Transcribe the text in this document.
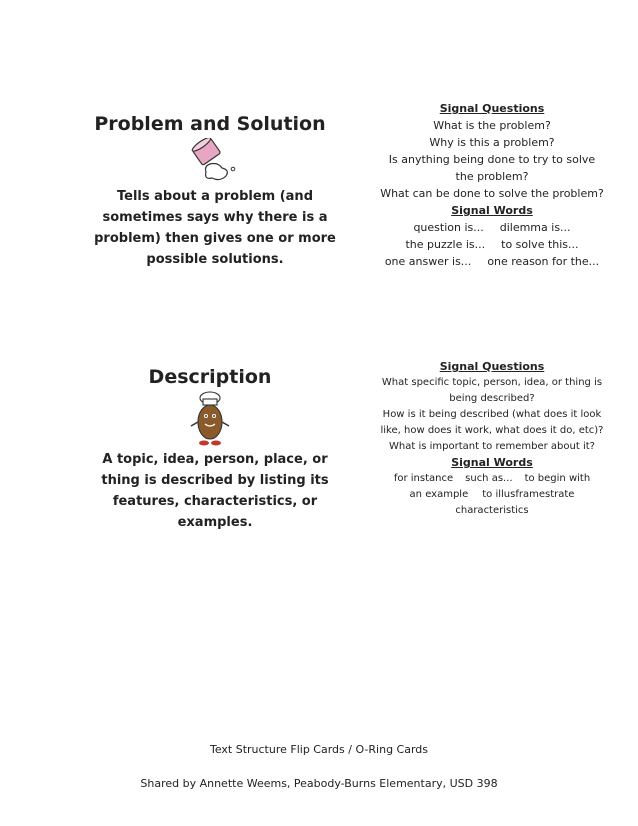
Problem and Solution
Tells about a problem (and
sometimes says why there is a
problem) then gives one or more
possible solutions.
Signal Questions
What is the problem?
Why is this a problem?
Is anything being done to try to solve
the problem?
What can be done to solve the problem?
Signal Words
question is... dilemma is...
the puzzle is... to solve this...
one answer is... one reason for the...
Description
A topic, idea, person, place, or
thing is described by listing its
features, characteristics, or
examples.
Signal Questions
What specific topic, person, idea, or thing is
being described?
How is it being described (what does it look
like, how does it work, what does it do, etc)?
What is important to remember about it?
Signal Words
for instance such as... to begin with
an example to illusframestrate
characteristics
Text Structure Flip Cards / O-Ring Cards
Shared by Annette Weems, Peabody-Burns Elementary, USD 398
